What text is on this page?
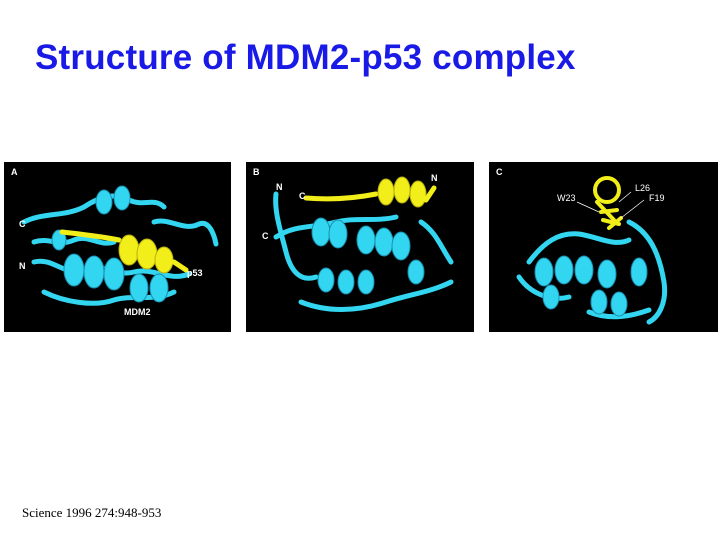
Structure of MDM2-p53 complex
A
C
N
p53
MDM2
B
N
C
N
C
C
L26
W23	F19
Science 1996 274:948-953
